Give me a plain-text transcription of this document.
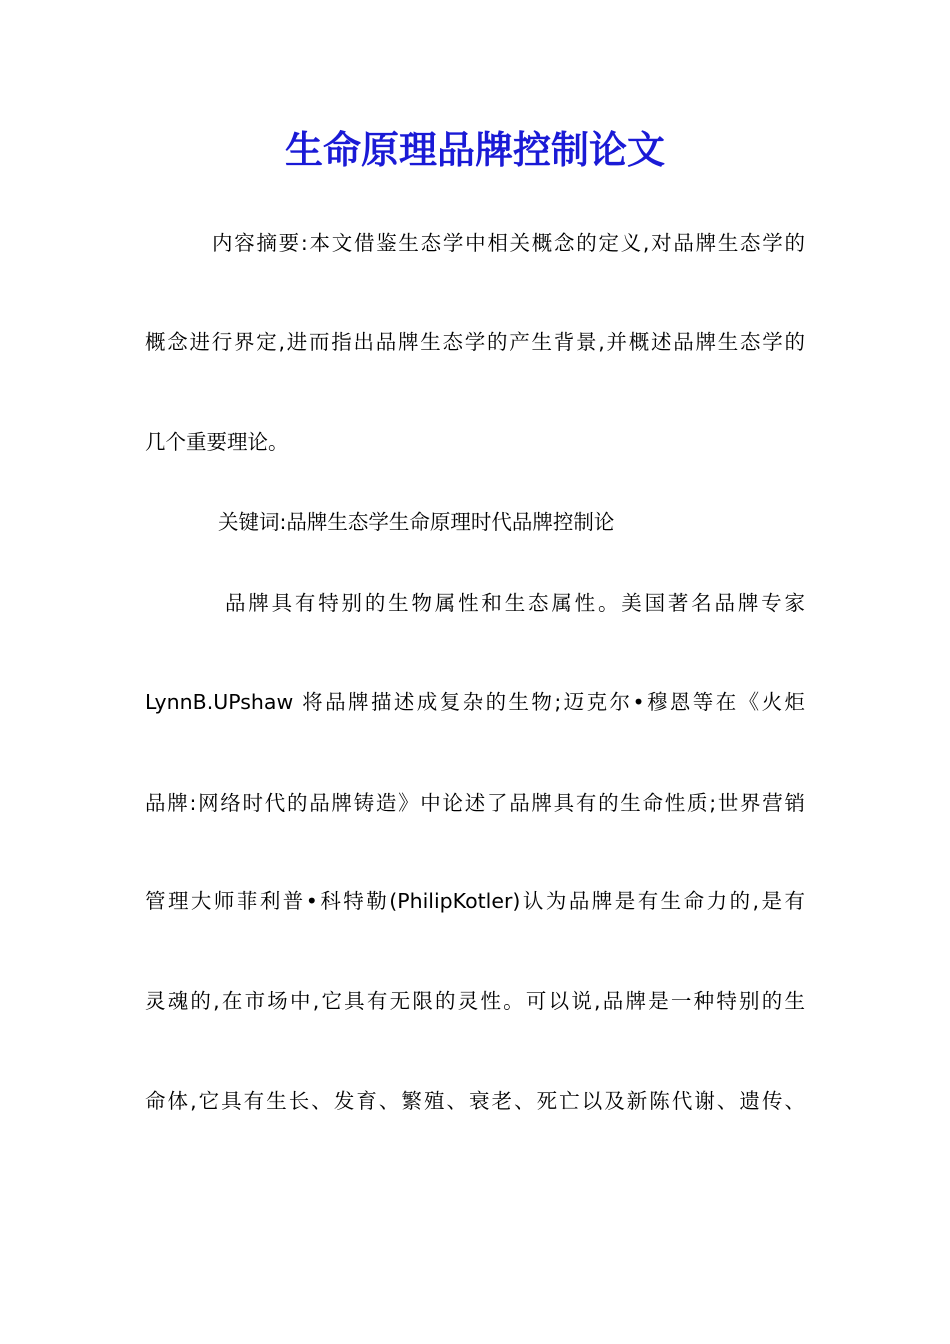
生命原理品牌控制论文
内容摘要:本文借鉴生态学中相关概念的定义,对品牌生态学的
概念进行界定,进而指出品牌生态学的产生背景,并概述品牌生态学的
几个重要理论。
关键词:品牌生态学生命原理时代品牌控制论
品牌具有特别的生物属性和生态属性。美国著名品牌专家
LynnB.UPshaw 将品牌描述成复杂的生物;迈克尔•穆恩等在《火炬
品牌:网络时代的品牌铸造》中论述了品牌具有的生命性质;世界营销
管理大师菲利普•科特勒(PhilipKotler)认为品牌是有生命力的,是有
灵魂的,在市场中,它具有无限的灵性。可以说,品牌是一种特别的生
命体,它具有生长、发育、繁殖、衰老、死亡以及新陈代谢、遗传、
